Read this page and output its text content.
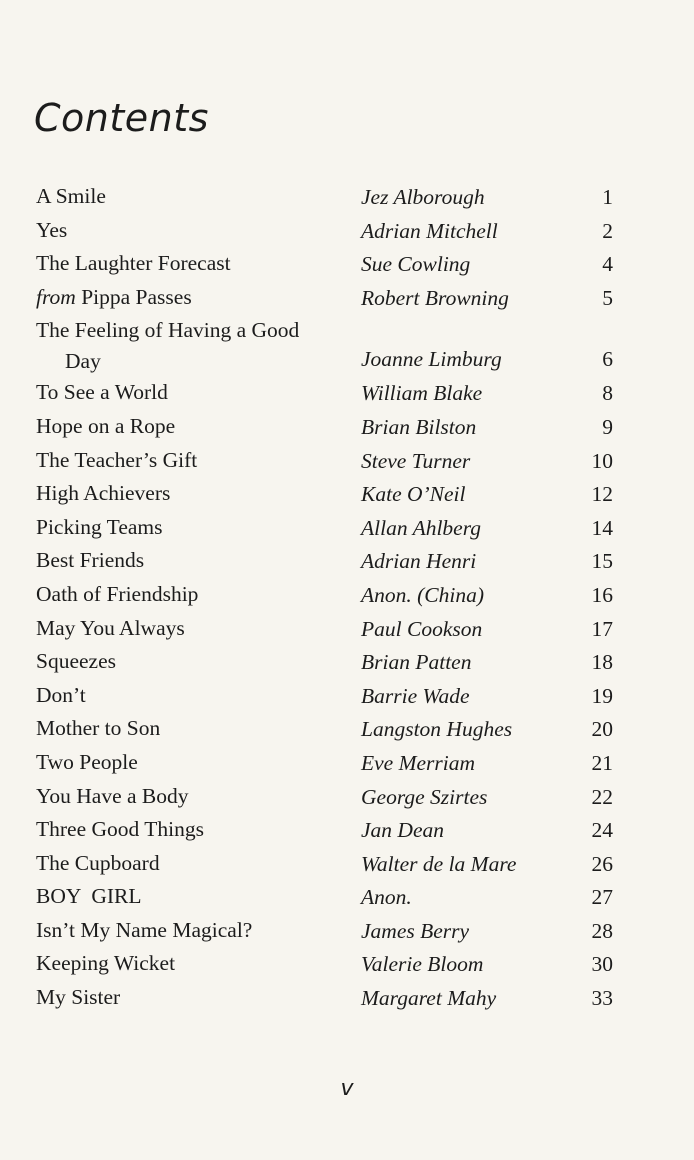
Contents
A Smile	Jez Alborough	1
Yes	Adrian Mitchell	2
The Laughter Forecast	Sue Cowling	4
from Pippa Passes	Robert Browning	5
The Feeling of Having a Good Day	Joanne Limburg	6
To See a World	William Blake	8
Hope on a Rope	Brian Bilston	9
The Teacher’s Gift	Steve Turner	10
High Achievers	Kate O’Neil	12
Picking Teams	Allan Ahlberg	14
Best Friends	Adrian Henri	15
Oath of Friendship	Anon. (China)	16
May You Always	Paul Cookson	17
Squeezes	Brian Patten	18
Don’t	Barrie Wade	19
Mother to Son	Langston Hughes	20
Two People	Eve Merriam	21
You Have a Body	George Szirtes	22
Three Good Things	Jan Dean	24
The Cupboard	Walter de la Mare	26
BOY  GIRL	Anon.	27
Isn’t My Name Magical?	James Berry	28
Keeping Wicket	Valerie Bloom	30
My Sister	Margaret Mahy	33
v
